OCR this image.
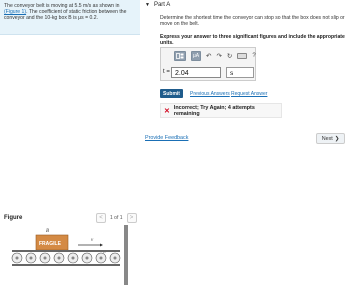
The conveyor belt is moving at 5.5 m/s as shown in
(Figure 1). The coefficient of static friction between the
conveyor and the 10-kg box B is μs = 0.2.
Figure	<	1 of 1	>
B
FRAGILE
v
▼ Part A
Determine the shortest time the conveyor can stop so that the box does not slip or move on the belt.
Express your answer to three significant figures and include the appropriate units.
μA ↶ ↷ ↻	?
t = 2.04	s
Submit	Previous Answers Request Answer
✕ Incorrect; Try Again; 4 attempts remaining
Provide Feedback	Next ❯
